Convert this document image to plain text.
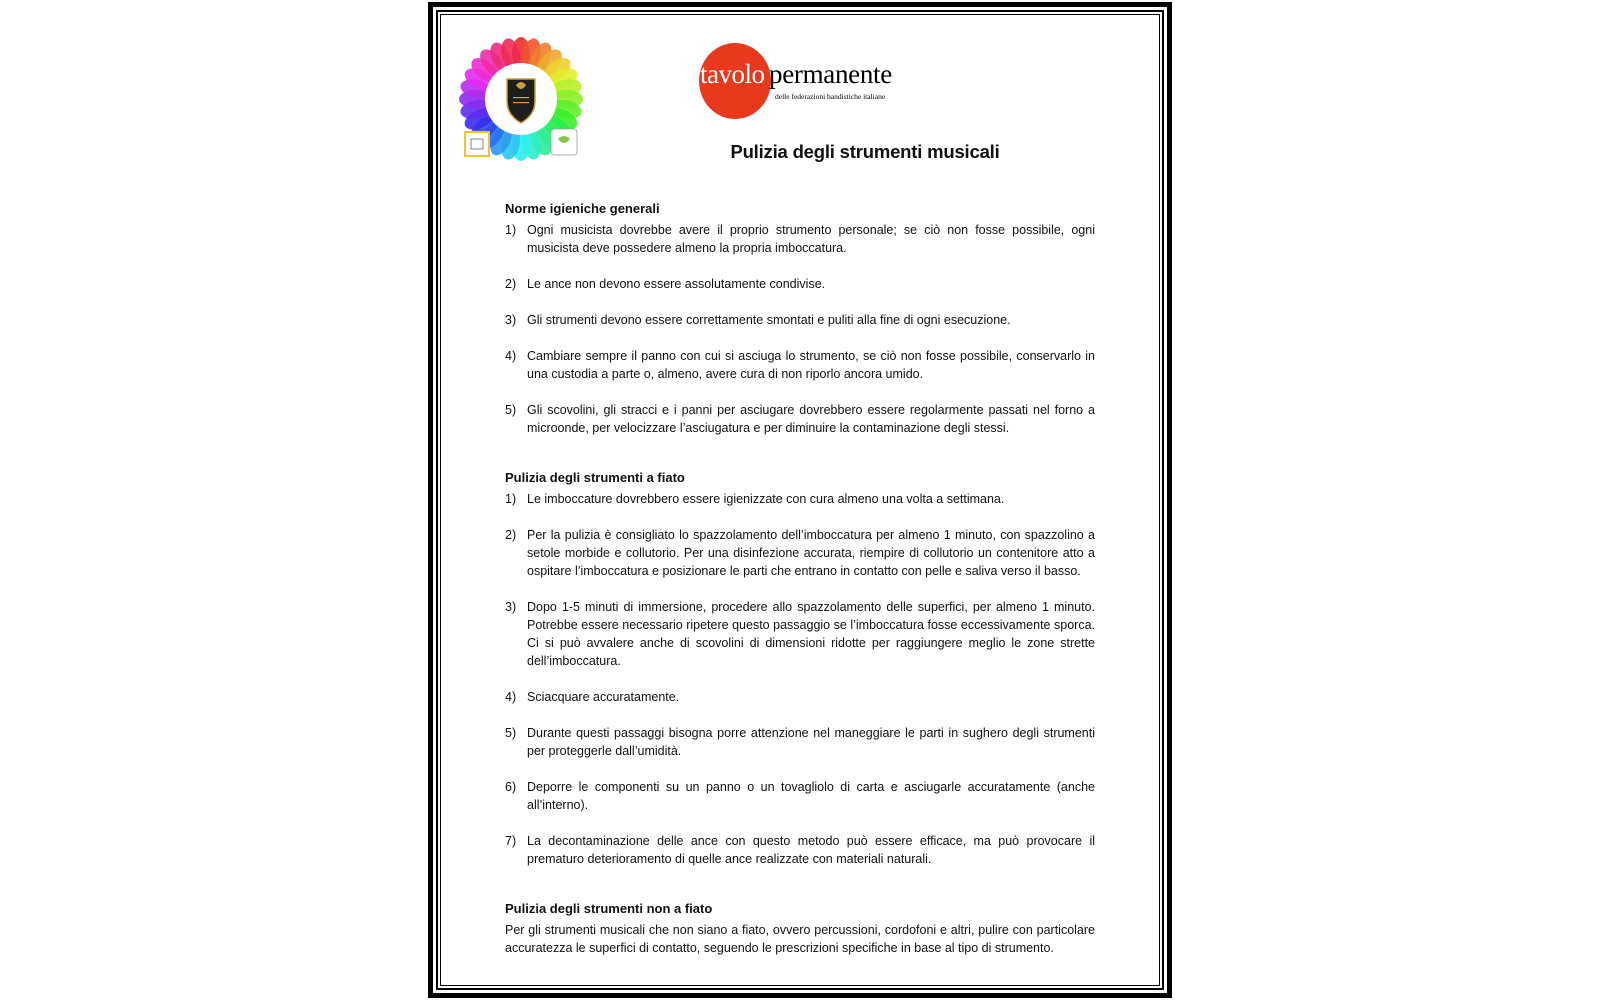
tavolo permanente
delle federazioni bandistiche italiane
Pulizia degli strumenti musicali
Norme igieniche generali
1) Ogni musicista dovrebbe avere il proprio strumento personale; se ciò non fosse possibile, ogni musicista deve possedere almeno la propria imboccatura.
2) Le ance non devono essere assolutamente condivise.
3) Gli strumenti devono essere correttamente smontati e puliti alla fine di ogni esecuzione.
4) Cambiare sempre il panno con cui si asciuga lo strumento, se ciò non fosse possibile, conservarlo in una custodia a parte o, almeno, avere cura di non riporlo ancora umido.
5) Gli scovolini, gli stracci e i panni per asciugare dovrebbero essere regolarmente passati nel forno a microonde, per velocizzare l’asciugatura e per diminuire la contaminazione degli stessi.
Pulizia degli strumenti a fiato
1) Le imboccature dovrebbero essere igienizzate con cura almeno una volta a settimana.
2) Per la pulizia è consigliato lo spazzolamento dell’imboccatura per almeno 1 minuto, con spazzolino a setole morbide e collutorio. Per una disinfezione accurata, riempire di collutorio un contenitore atto a ospitare l’imboccatura e posizionare le parti che entrano in contatto con pelle e saliva verso il basso.
3) Dopo 1-5 minuti di immersione, procedere allo spazzolamento delle superfici, per almeno 1 minuto. Potrebbe essere necessario ripetere questo passaggio se l’imboccatura fosse eccessivamente sporca. Ci si può avvalere anche di scovolini di dimensioni ridotte per raggiungere meglio le zone strette dell’imboccatura.
4) Sciacquare accuratamente.
5) Durante questi passaggi bisogna porre attenzione nel maneggiare le parti in sughero degli strumenti per proteggerle dall’umidità.
6) Deporre le componenti su un panno o un tovagliolo di carta e asciugarle accuratamente (anche all’interno).
7) La decontaminazione delle ance con questo metodo può essere efficace, ma può provocare il prematuro deterioramento di quelle ance realizzate con materiali naturali.
Pulizia degli strumenti non a fiato
Per gli strumenti musicali che non siano a fiato, ovvero percussioni, cordofoni e altri, pulire con particolare accuratezza le superfici di contatto, seguendo le prescrizioni specifiche in base al tipo di strumento.
